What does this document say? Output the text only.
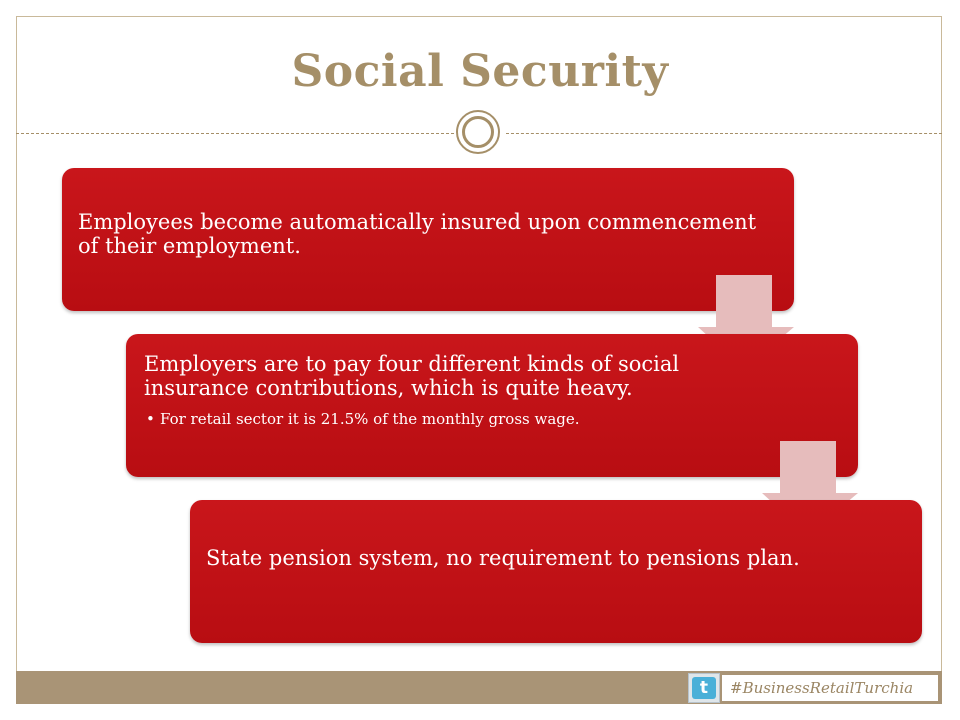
Social Security
Employees become automatically insured upon commencement of their employment.
Employers are to pay four different kinds of social insurance contributions, which is quite heavy.
• For retail sector it is 21.5% of the monthly gross wage.
State pension system, no requirement to pensions plan.
t	#BusinessRetailTurchia
